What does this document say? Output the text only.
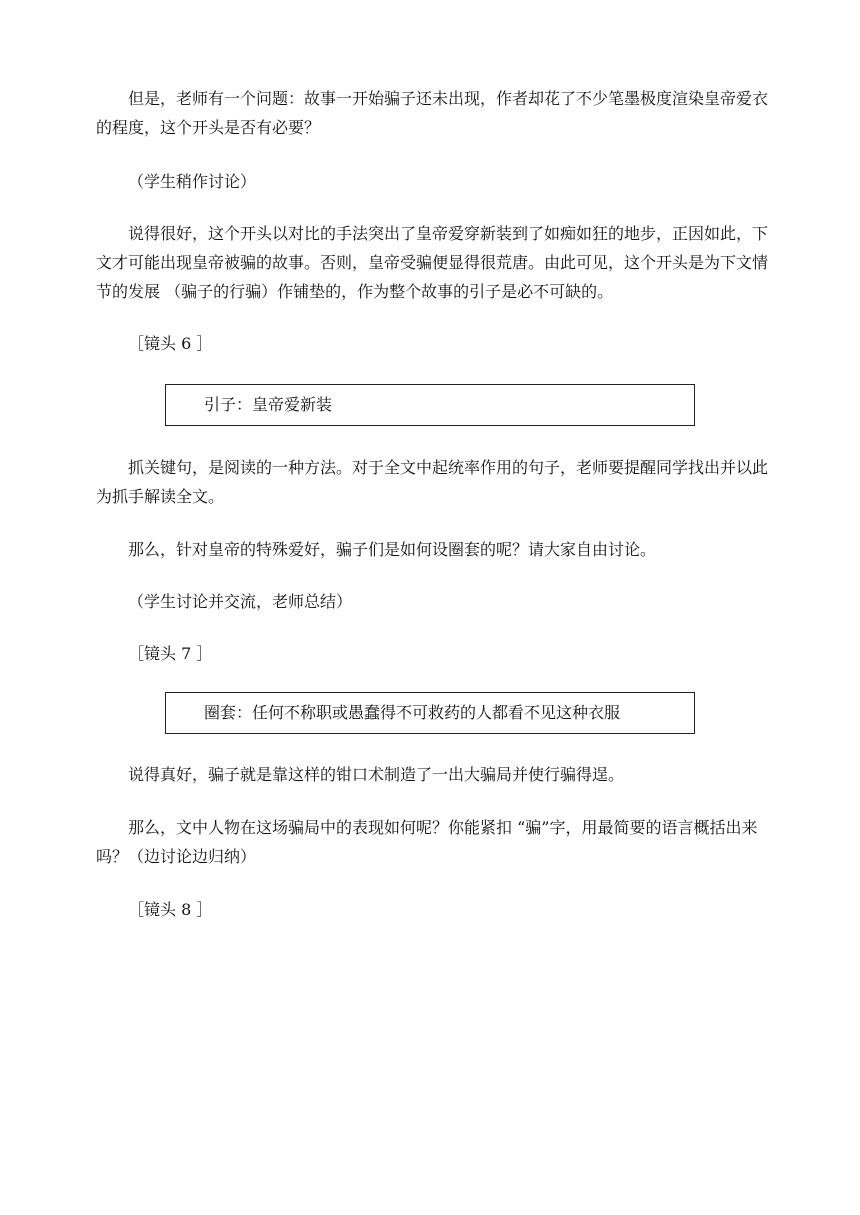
但是，老师有一个问题：故事一开始骗子还未出现，作者却花了不少笔墨极度渲染皇帝爱衣的程度，这个开头是否有必要？

（学生稍作讨论）

说得很好，这个开头以对比的手法突出了皇帝爱穿新装到了如痴如狂的地步，正因如此，下文才可能出现皇帝被骗的故事。否则，皇帝受骗便显得很荒唐。由此可见，这个开头是为下文情节的发展 （骗子的行骗）作铺垫的，作为整个故事的引子是必不可缺的。

［镜头 6 ］

引子：皇帝爱新装

抓关键句，是阅读的一种方法。对于全文中起统率作用的句子，老师要提醒同学找出并以此为抓手解读全文。

那么，针对皇帝的特殊爱好，骗子们是如何设圈套的呢？请大家自由讨论。

（学生讨论并交流，老师总结）

［镜头 7 ］

圈套：任何不称职或愚蠢得不可救药的人都看不见这种衣服

说得真好，骗子就是靠这样的钳口术制造了一出大骗局并使行骗得逞。

那么，文中人物在这场骗局中的表现如何呢？你能紧扣 “骗”字，用最简要的语言概括出来吗？（边讨论边归纳）

［镜头 8 ］
